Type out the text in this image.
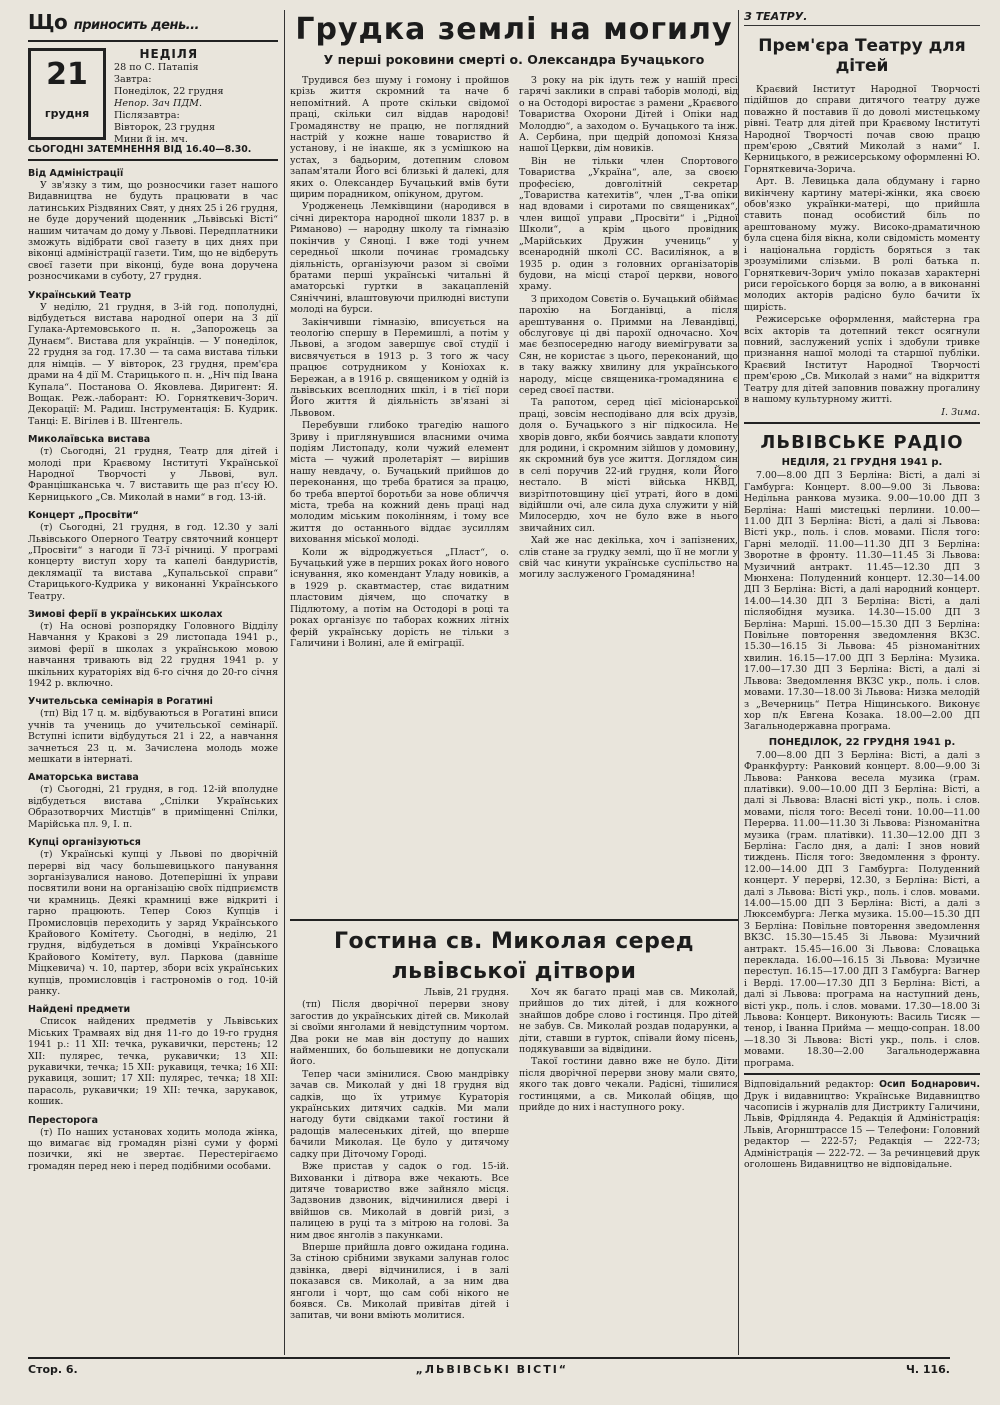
Що приносить день...
21
грудня
НЕДІЛЯ
28 по С. Патапія
Завтра:
Понеділок, 22 грудня
Непор. Зач ПДМ.
Післязавтра:
Вівторок, 23 грудня
Мини й ін. мч.
СЬОГОДНІ ЗАТЕМНЕННЯ ВІД 16.40—8.30.
Від Адміністрації
У зв'язку з тим, що розносчики газет нашого Видавництва не будуть працювати в час латинських Різдвяних Свят, у днях 25 і 26 грудня, не буде доручений щоденник „Львівські Вісті“ нашим читачам до дому у Львові. Передплатники зможуть відібрати свої газету в цих днях при віконці адміністрації газети. Тим, що не відберуть своєї газети при віконці, буде вона доручена розносчиками в суботу, 27 грудня.
Український Театр
У неділю, 21 грудня, в 3-ій год. пополудні, відбудеться вистава народної опери на 3 дії Гулака-Артемовського п. н. „Запорожець за Дунаєм“. Вистава для українців. — У понеділок, 22 грудня за год. 17.30 — та сама вистава тільки для німців. — У вівторок, 23 грудня, прем'єра драми на 4 дії М. Старицького п. н. „Ніч під Івана Купала“. Постанова О. Яковлева. Диригент: Я. Вощак. Реж.-лаборант: Ю. Горняткевич-Зорич. Декорації: М. Радиш. Інструментація: Б. Кудрик. Танці: Е. Вігілев і В. Штенгель.
Миколаївська вистава
(т) Сьогодні, 21 грудня, Театр для дітей і молоді при Краєвому Інституті Української Народної Творчості у Львові, вул. Францішканська ч. 7 виставить ще раз п'єсу Ю. Керницького „Св. Миколай в нами“ в год. 13-ій.
Концерт „Просвіти“
(т) Сьогодні, 21 грудня, в год. 12.30 у залі Львівського Оперного Театру святочний концерт „Просвіти“ з нагоди її 73-ї річниці. У програмі концерту виступ хору та капелі бандуристів, деклямації та вистава „Купальської справи“ Старицького-Кудрика у виконанні Українського Театру.
Зимові ферії в українських школах
(т) На основі розпорядку Головного Відділу Навчання у Кракові з 29 листопада 1941 р., зимові ферії в школах з українською мовою навчання тривають від 22 грудня 1941 р. у шкільних кураторіях від 6-го січня до 20-го січня 1942 р. включно.
Учительська семінарія в Рогатині
(тп) Від 17 ц. м. відбуваються в Рогатині вписи учнів та учениць до учительської семінарії. Вступні іспити відбудуться 21 і 22, а навчання зачнеться 23 ц. м. Зачислена молодь може мешкати в інтернаті.
Аматорська вистава
(т) Сьогодні, 21 грудня, в год. 12-ій вполудне відбудеться вистава „Спілки Українських Образотворчих Мистців“ в приміщенні Спілки, Марійська пл. 9, І. п.
Купці організуються
(т) Українські купці у Львові по дворічній перерві від часу большевицького панування зорганізувалися наново. Дотеперішні їх управи посвятили вони на організацію своїх підприємств чи крамниць. Деякі крамниці вже відкриті і гарно працюють. Тепер Союз Купців і Промисловців переходить у заряд Українського Крайового Комітету. Сьогодні, в неділю, 21 грудня, відбудеться в домівці Українського Крайового Комітету, вул. Парковa (давніше Міцкевича) ч. 10, партер, збори всіх українських купців, промисловців і гастрономів о год. 10-ій ранку.
Найдені предмети
Список найдених предметів у Львівських Міських Трамваях від дня 11-го до 19-го грудня 1941 р.: 11 XII: течка, рукавички, перстень; 12 XII: пуляреc, течка, рукавички; 13 XII: рукавички, течка; 15 XII: рукавиця, течка; 16 XII: рукавиця, зошит; 17 XII: пуляреc, течка; 18 XII: парасоль, рукавички; 19 XII: течка, зарукавок, кошик.
Пересторога
(т) По наших установах ходить молода жінка, що вимагає від громадян різні суми у формі позички, які не звертає. Перестерігаємо громадян перед нею і перед подібними особами.
Грудка землі на могилу
У перші роковини смерті о. Олександра Бучацького
Трудився без шуму і гомону і пройшов крізь життя скромний та наче б непомітний. А проте скільки свідомої праці, скільки сил віддав народові! Громадянству не працю, не поглядний настрій у кожне наше товариство й установу, і не інакше, як з усмішкою на устах, з бадьорим, дотепним словом запам'ятали Його всі близькі й далекі, для яких о. Олександер Бучацький вмів бути щирим порадником, опікуном, другом.
Уродженець Лемківщини (народився в січні директора народної школи 1837 р. в Риманово) — народну школу та гімназію покінчив у Сяноці. І вже тоді учнем середньої школи починає громадську діяльність, організуючи разом зі своїми братами перші українські читальні й аматорські гуртки в закацапленій Сяніччині, влаштовуючи прилюдні виступи молоді на бурси.
Закінчивши гімназію, вписується на теологію спершу в Перемишлі, а потім у Львові, а згодом завершує свої студії і висвячується в 1913 р. З того ж часу працює сотрудником у Коніохах к. Бережан, а в 1916 р. священиком у одній із львівських всеплодних шкіл, і в тієї пори Його життя й діяльність зв'язані зі Львовом.
Перебувши глибоко трагедію нашого Зриву і приглянувшися власними очима подіям Листопаду, коли чужий елемент міста — чужий пролетаріят — вирішив нашу невдачу, о. Бучацький прийшов до переконання, що треба братися за працю, бо треба впертої боротьби за нове обличчя міста, треба на кожний день праці над молодим міським поколінням, і тому все життя до останнього віддає зусиллям виховання міської молоді.
Коли ж відроджується „Пласт“, о. Бучацький уже в перших роках його нового існування, яко комендант Уладу новиків, а в 1929 р. скавтмастер, стає видатним пластовим діячем, що спочатку в Підлютому, а потім на Остодорі в році та роках організує по таборах кожних літніх ферій українську дорість не тільки з Галичини і Волині, але й еміграції.
З року на рік ідуть теж у нашій пресі гарячі заклики в справі таборів молоді, від о на Остодорі виростає з рамени „Краєвого Товариства Охорони Дітей і Опіки над Молоддю“, а заходом о. Бучацького та інж. А. Сербина, при щедрій допомозі Княза нашої Церкви, дім новиків.
Він не тільки член Спортового Товариства „Україна“, але, за своєю професією, довголітній секретар „Товариства катехитів“, член „Т-ва опіки над вдовами і сиротами по священиках“, член вищої управи „Просвіти“ і „Рідної Школи“, а крім цього провідник „Марійських Дружин учениць“ у всенародній школі СС. Василіянок, а в 1935 р. один з головних організаторів будови, на місці старої церкви, нового храму.
З приходом Совєтів о. Бучацький обіймає парохію на Богданівці, а після арештування о. Примми на Левандівці, обслуговує ці дві парохії одночасно. Хоч має безпосередню нагоду виемігрувати за Сян, не користає з цього, переконаний, що в таку важку хвилину для українського народу, місце священика-громадянина є серед своєї пастви.
Та рапотом, серед цієї місіонарської праці, зовсім несподівано для всіх друзів, доля о. Бучацького з ніг підкосила. Не хворів довго, якби боячись завдати клопоту для родини, і скромним зійшов у домовину, як скромний був усе життя. Доглядом син в селі поручив 22-ий грудня, коли Його нестало. В місті війська НКВД, визрітпотовщину цієї утраті, його в домі відійшли очі, але сила духа служити у ній Милосердю, хоч не було вже в нього звичайних сил.
Хай же нас декілька, хоч і запізнених, слів стане за грудку землі, що її не могли у свій час кинути українське суспільство на могилу заслуженого Громадянина!
Гостина св. Миколая серед львівської дітвори
Львів, 21 грудня.
(тп) Після дворічної перерви знову загостив до українських дітей св. Миколай зі своїми янголами й невідступним чортом. Два роки не мав він доступу до наших найменших, бо большевики не допускали його.
Тепер часи змінилися. Свою мандрівку зачав св. Миколай у дні 18 грудня від садків, що їх утримує Кураторія українських дитячих садків. Ми мали нагоду бути свідками такої гостини й радощів малесеньких дітей, що вперше бачили Миколая. Це було у дитячому садку при Діточому Городі.
Вже пристав у садок о год. 15-ій. Вихованки і дітвора вже чекають. Все дитяче товариство вже зайняло місця. Задзвонив дзвоник, відчинилися двері і ввійшов св. Миколай в довгій ризі, з палицею в руці та з мітрою на голові. За ним двоє янголів з пакунками.
Вперше прийшла довго ожидана година. За стіною срібними звуками залунав голос дзвінка, двері відчинилися, і в залі показався св. Миколай, а за ним два янголи і чорт, що сам собі нікого не боявся. Св. Миколай привітав дітей і запитав, чи вони вміють молитися.
Хоч як багато праці мав св. Миколай, прийшов до тих дітей, і для кожного знайшов добре слово і гостинця. Про дітей не забув. Св. Миколай роздав подарунки, а діти, ставши в гурток, співали йому пісень, подякувавши за відвідини.
Такої гостини давно вже не було. Діти після дворічної перерви знову мали свято, якого так довго чекали. Радісні, тішилися гостинцями, а св. Миколай обіцяв, що прийде до них і наступного року.
З ТЕАТРУ.
Прем'єра Театру для дітей
Краєвий Інститут Народної Творчості підійшов до справи дитячого театру дуже поважно й поставив її до доволі мистецькому рівні. Театр для дітей при Краєвому Інституті Народної Творчості почав свою працю прем'єрою „Святий Миколай з нами“ І. Керницького, в режисерському оформленні Ю. Горняткевича-Зорича.
Арт. В. Левицька дала обдуману і гарно викінчену картину матері-жінки, яка своєю обов'язко українки-матері, що прийшла ставить понад особистий біль по арештованому мужу. Високо-драматичною була сцена біля вікна, коли свідомість моменту і національна гордість боряться з так зрозумілими слізьми. В ролі батька п. Горняткевич-Зорич уміло показав характерні риси героїського борця за волю, а в виконанні молодих акторів радісно було бачити їх щирість.
Режисерське оформлення, майстерна гра всіх акторів та дотепний текст осягнули повний, заслужений успіх і здобули тривке признання нашої молоді та старшої публіки. Краєвий Інститут Народної Творчості прем'єрою „Св. Миколай з нами“ на відкриття Театру для дітей заповнив поважну прогалину в нашому культурному житті.
І. Зима.
ЛЬВІВСЬКЕ РАДІО
НЕДІЛЯ, 21 ГРУДНЯ 1941 р.
7.00—8.00 ДП З Берліна: Вісті, а далі зі Гамбурга: Концерт. 8.00—9.00 Зі Львова: Недільна ранкова музика. 9.00—10.00 ДП З Берліна: Наші мистецькі перлини. 10.00—11.00 ДП З Берліна: Вісті, а далі зі Львова: Вісті укр., поль. і слов. мовами. Після того: Гарні мелодії. 11.00—11.30 ДП З Берліна: Зворотне в фронту. 11.30—11.45 Зі Львова: Музичний антракт. 11.45—12.30 ДП З Мюнхена: Полуденний концерт. 12.30—14.00 ДП З Берліна: Вісті, а далі народний концерт. 14.00—14.30 ДП З Берліна: Вісті, а далі післяобідня музика. 14.30—15.00 ДП З Берліна: Марші. 15.00—15.30 ДП З Берліна: Повільне повторення зведомлення ВКЗС. 15.30—16.15 Зі Львова: 45 різноманітних хвилин. 16.15—17.00 ДП З Берліна: Музика. 17.00—17.30 ДП З Берліна: Вісті, а далі зі Львова: Зведомлення ВКЗС укр., поль. і слов. мовами. 17.30—18.00 Зі Львова: Низка мелодій з „Вечерниць“ Петра Ніщинського. Виконує хор п/к Евгена Козака. 18.00—2.00 ДП Загальнодержавна програма.
ПОНЕДІЛОК, 22 ГРУДНЯ 1941 р.
7.00—8.00 ДП З Берліна: Вісті, а далі з Франкфурту: Ранковий концерт. 8.00—9.00 Зі Львова: Ранкова весела музика (грам. платівки). 9.00—10.00 ДП З Берліна: Вісті, а далі зі Львова: Власні вісті укр., поль. і слов. мовами, після того: Веселі тони. 10.00—11.00 Перерва. 11.00—11.30 Зі Львова: Різноманітна музика (грам. платівки). 11.30—12.00 ДП З Берліна: Гасло дня, а далі: І знов новий тиждень. Після того: Зведомлення з фронту. 12.00—14.00 ДП З Гамбурга: Полуденний концерт. У перерві, 12.30, з Берліна: Вісті, а далі з Львова: Вісті укр., поль. і слов. мовами. 14.00—15.00 ДП З Берліна: Вісті, а далі з Люксембурга: Легка музика. 15.00—15.30 ДП З Берліна: Повільне повторення зведомлення ВКЗС. 15.30—15.45 Зі Львова: Музичний антракт. 15.45—16.00 Зі Львова: Словацька переклада. 16.00—16.15 Зі Львова: Музичне переступ. 16.15—17.00 ДП З Гамбурга: Вагнер і Верді. 17.00—17.30 ДП З Берліна: Вісті, а далі зі Львова: програма на наступний день, вісті укр., поль. і слов. мовами. 17.30—18.00 Зі Львова: Концерт. Виконують: Василь Тисяк — тенор, і Іванна Прийма — меццо-сопран. 18.00—18.30 Зі Львова: Вісті укр., поль. і слов. мовами. 18.30—2.00 Загальнодержавна програма.
Відповідальний редактор: Осип Боднарович. Друк і видавництво: Українське Видавництво часописів і журналів для Дистрикту Галичини, Львів, Фрідлянда 4. Редакція й Адміністрація: Львів, Агорнштрассе 15 — Телефони: Головний редактор — 222-57; Редакція — 222-73; Адміністрація — 222-72. — За речинцевий друк оголошень Видавництво не відповідальне.
Стор. 6.	„ЛЬВІВСЬКІ ВІСТІ“	Ч. 116.
